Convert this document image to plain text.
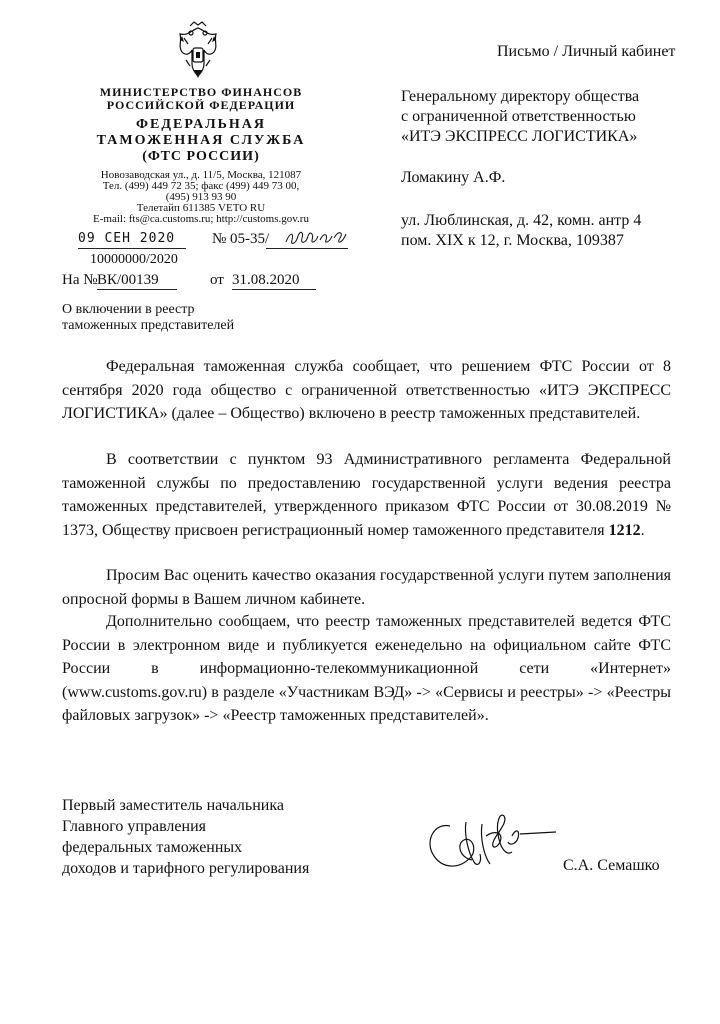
МИНИСТЕРСТВО ФИНАНСОВ
РОССИЙСКОЙ ФЕДЕРАЦИИ
ФЕДЕРАЛЬНАЯ
ТАМОЖЕННАЯ СЛУЖБА
(ФТС РОССИИ)
Новозаводская ул., д. 11/5, Москва, 121087
Тел. (499) 449 72 35; факс (499) 449 73 00,
(495) 913 93 90
Телетайп 611385 VETO RU
E-mail: fts@ca.customs.ru; http://customs.gov.ru
09 СЕН 2020	№ 05-35/
10000000/2020
На № ВК/00139	от 31.08.2020
О включении в реестр
таможенных представителей
Письмо / Личный кабинет
Генеральному директору общества
с ограниченной ответственностью
«ИТЭ ЭКСПРЕСС ЛОГИСТИКА»
Ломакину А.Ф.
ул. Люблинская, д. 42, комн. антр 4
пом. XIX к 12, г. Москва, 109387
Федеральная таможенная служба сообщает, что решением ФТС России от 8 сентября 2020 года общество с ограниченной ответственностью «ИТЭ ЭКСПРЕСС ЛОГИСТИКА» (далее – Общество) включено в реестр таможенных представителей.
В соответствии с пунктом 93 Административного регламента Федеральной таможенной службы по предоставлению государственной услуги ведения реестра таможенных представителей, утвержденного приказом ФТС России от 30.08.2019 № 1373, Обществу присвоен регистрационный номер таможенного представителя 1212.
Просим Вас оценить качество оказания государственной услуги путем заполнения опросной формы в Вашем личном кабинете.
Дополнительно сообщаем, что реестр таможенных представителей ведется ФТС России в электронном виде и публикуется еженедельно на официальном сайте ФТС России в информационно-телекоммуникационной сети «Интернет» (www.customs.gov.ru) в разделе «Участникам ВЭД» -> «Сервисы и реестры» -> «Реестры файловых загрузок» -> «Реестр таможенных представителей».
Первый заместитель начальника
Главного управления
федеральных таможенных
доходов и тарифного регулирования	С.А. Семашко
